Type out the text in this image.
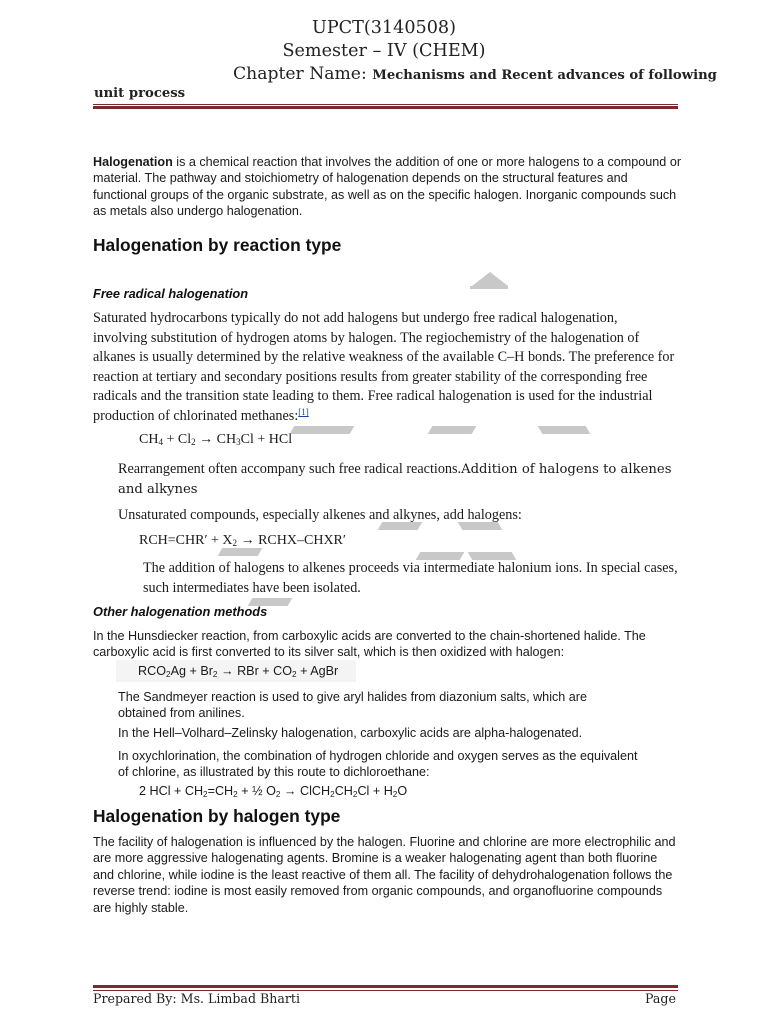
UPCT(3140508)
Semester – IV (CHEM)
Chapter Name: Mechanisms and Recent advances of following
unit process
Halogenation is a chemical reaction that involves the addition of one or more halogens to a compound or material. The pathway and stoichiometry of halogenation depends on the structural features and functional groups of the organic substrate, as well as on the specific halogen. Inorganic compounds such as metals also undergo halogenation.
Halogenation by reaction type
Free radical halogenation
Saturated hydrocarbons typically do not add halogens but undergo free radical halogenation, involving substitution of hydrogen atoms by halogen. The regiochemistry of the halogenation of alkanes is usually determined by the relative weakness of the available C–H bonds. The preference for reaction at tertiary and secondary positions results from greater stability of the corresponding free radicals and the transition state leading to them. Free radical halogenation is used for the industrial production of chlorinated methanes:[1]
$CH_4 + Cl_2 \to CH_3Cl$ + HCl
Rearrangement often accompany such free radical reactions.Addition of halogens to alkenes and alkynes
Unsaturated compounds, especially alkenes and alkynes, add halogens:
$RCH=CHR' + X_2$ → RCHX–CHXR′
The addition of halogens to alkenes proceeds via intermediate halonium ions. In special cases, such intermediates have been isolated.
Other halogenation methods
In the Hunsdiecker reaction, from carboxylic acids are converted to the chain-shortened halide. The carboxylic acid is first converted to its silver salt, which is then oxidized with halogen:
$RCO_2Ag + Br_2$ → RBr + $CO_2$ + AgBr
The Sandmeyer reaction is used to give aryl halides from diazonium salts, which are obtained from anilines.
In the Hell–Volhard–Zelinsky halogenation, carboxylic acids are alpha-halogenated.
In oxychlorination, the combination of hydrogen chloride and oxygen serves as the equivalent of chlorine, as illustrated by this route to dichloroethane:
2 HCl + $CH_2=CH_2$ + ½ $O_2$ → $ClCH_2CH_2Cl + H_2O$
Halogenation by halogen type
The facility of halogenation is influenced by the halogen. Fluorine and chlorine are more electrophilic and are more aggressive halogenating agents. Bromine is a weaker halogenating agent than both fluorine and chlorine, while iodine is the least reactive of them all. The facility of dehydrohalogenation follows the reverse trend: iodine is most easily removed from organic compounds, and organofluorine compounds are highly stable.
Prepared By: Ms. Limbad Bharti	Page
